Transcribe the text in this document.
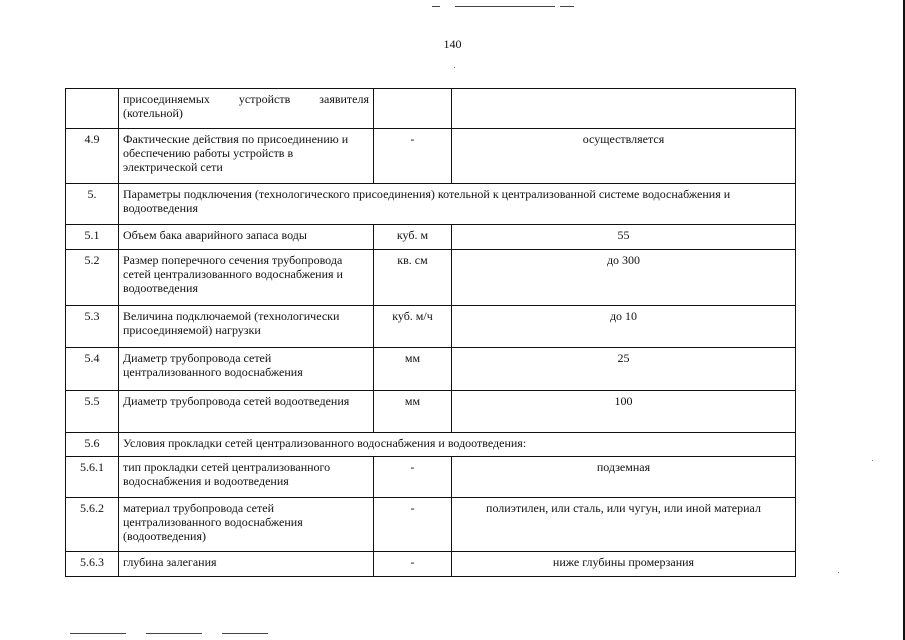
140

	присоединяемых устройств заявителя
(котельной)		
4.9	Фактические действия по присоединению и обеспечению работы устройств в электрической сети	-	осуществляется
5.	Параметры подключения (технологического присоединения) котельной к централизованной системе водоснабжения и водоотведения		
5.1	Объем бака аварийного запаса воды	куб. м	55
5.2	Размер поперечного сечения трубопровода сетей централизованного водоснабжения и водоотведения	кв. см	до 300
5.3	Величина подключаемой (технологически присоединяемой) нагрузки	куб. м/ч	до 10
5.4	Диаметр трубопровода сетей централизованного водоснабжения	мм	25
5.5	Диаметр трубопровода сетей водоотведения	мм	100
5.6	Условия прокладки сетей централизованного водоснабжения и водоотведения:		
5.6.1	тип прокладки сетей централизованного водоснабжения и водоотведения	-	подземная
5.6.2	материал трубопровода сетей централизованного водоснабжения (водоотведения)	-	полиэтилен, или сталь, или чугун, или иной материал
5.6.3	глубина залегания	-	ниже глубины промерзания
